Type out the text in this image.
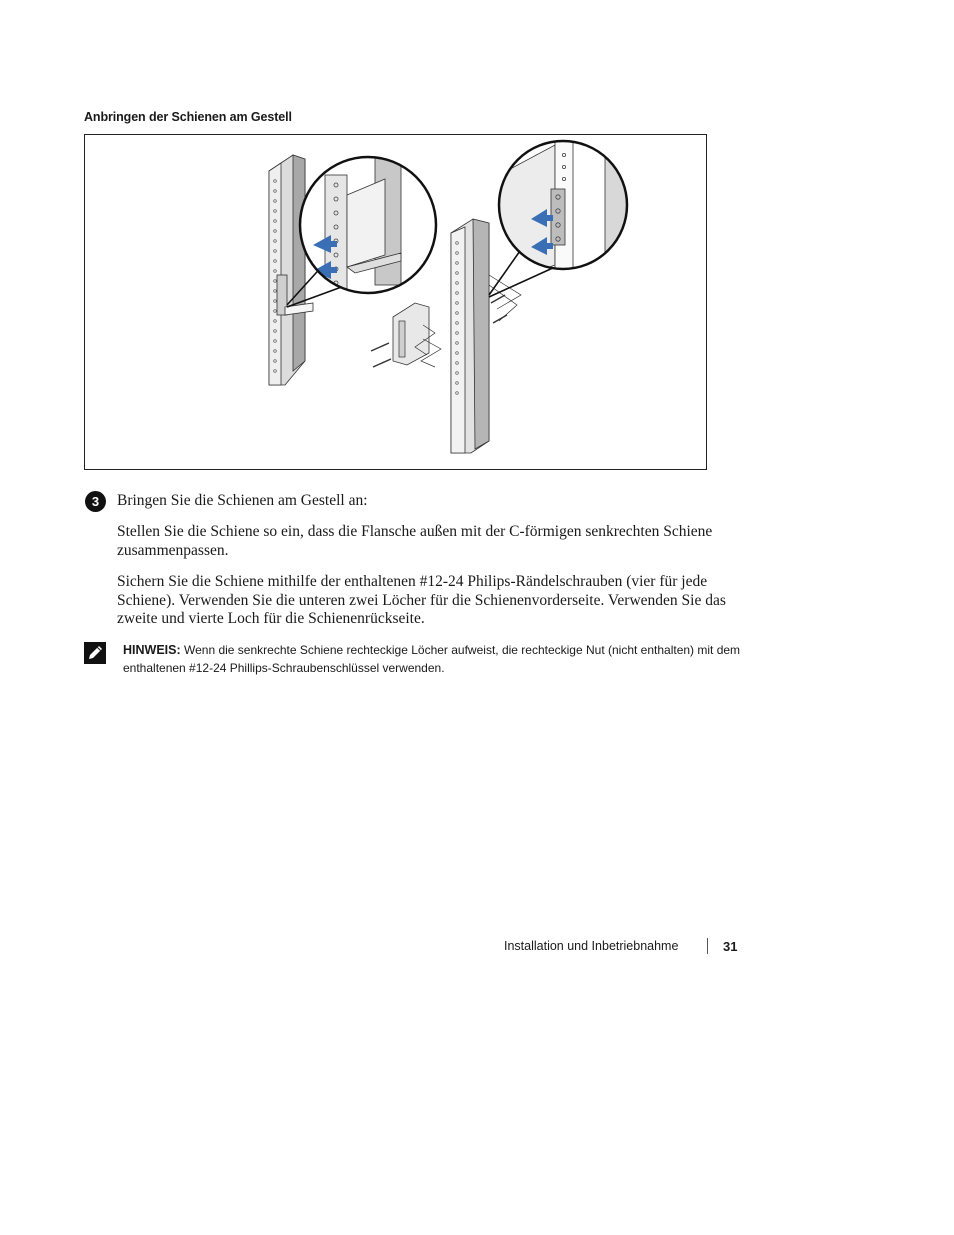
Anbringen der Schienen am Gestell
3	Bringen Sie die Schienen am Gestell an:

Stellen Sie die Schiene so ein, dass die Flansche außen mit der C-förmigen senkrechten Schiene zusammenpassen.

Sichern Sie die Schiene mithilfe der enthaltenen #12-24 Philips-Rändelschrauben (vier für jede Schiene). Verwenden Sie die unteren zwei Löcher für die Schienenvorderseite. Verwenden Sie das zweite und vierte Loch für die Schienenrückseite.

HINWEIS: Wenn die senkrechte Schiene rechteckige Löcher aufweist, die rechteckige Nut (nicht enthalten) mit dem enthaltenen #12-24 Phillips-Schraubenschlüssel verwenden.

Installation und Inbetriebnahme	31
